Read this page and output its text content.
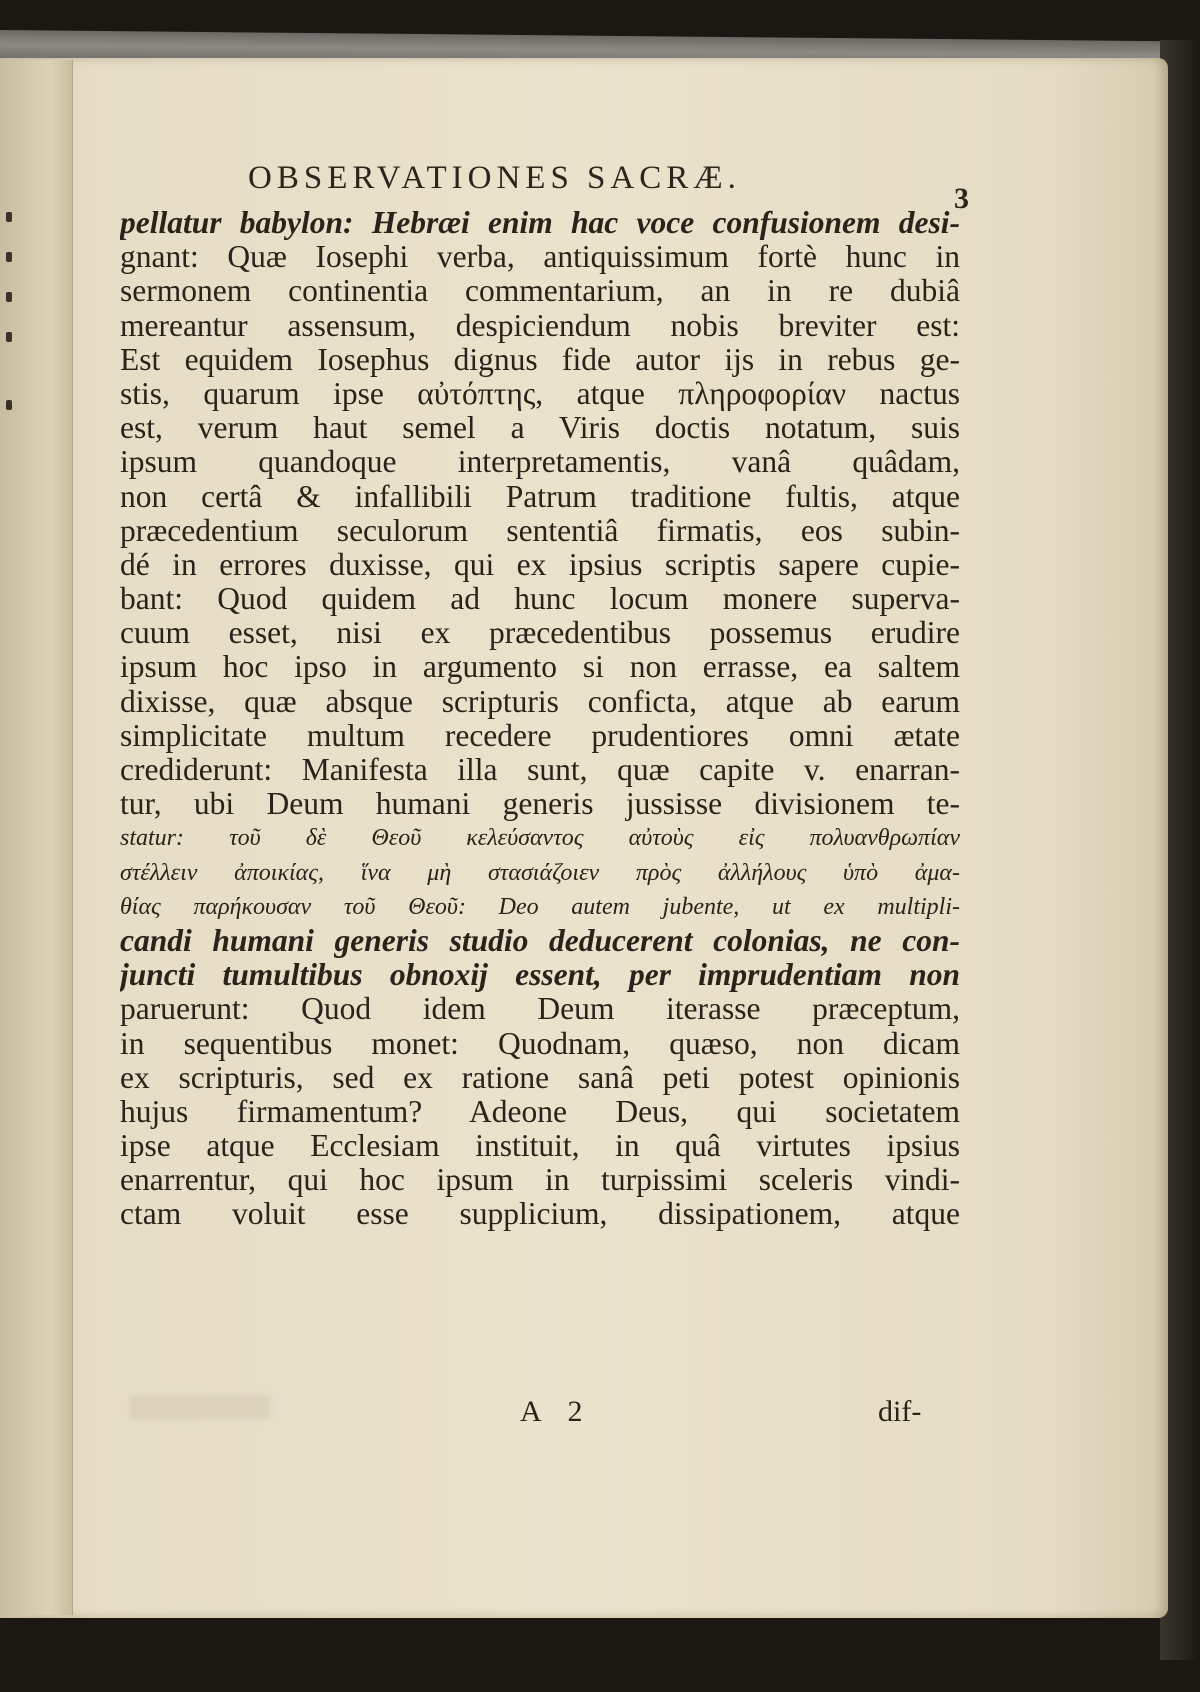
OBSERVATIONES SACRÆ.
3
pellatur babylon: Hebræi enim hac voce confusionem desi-
gnant: Quæ Iosephi verba, antiquissimum fortè hunc in
sermonem continentia commentarium, an in re dubiâ
mereantur assensum, despiciendum nobis breviter est:
Est equidem Iosephus dignus fide autor ijs in rebus ge-
stis, quarum ipse αὐτόπτης, atque πληροφορίαν nactus
est, verum haut semel a Viris doctis notatum, suis
ipsum quandoque interpretamentis, vanâ quâdam,
non certâ & infallibili Patrum traditione fultis, atque
præcedentium seculorum sententiâ firmatis, eos subin-
dé in errores duxisse, qui ex ipsius scriptis sapere cupie-
bant: Quod quidem ad hunc locum monere superva-
cuum esset, nisi ex præcedentibus possemus erudire
ipsum hoc ipso in argumento si non errasse, ea saltem
dixisse, quæ absque scripturis conficta, atque ab earum
simplicitate multum recedere prudentiores omni ætate
crediderunt: Manifesta illa sunt, quæ capite v. enarran-
tur, ubi Deum humani generis jussisse divisionem te-
statur: τοῦ δὲ Θεοῦ κελεύσαντος αὐτοὺς εἰς πολυανθρωπίαν
στέλλειν ἀποικίας, ἵνα μὴ στασιάζοιεν πρὸς ἀλλήλους ὑπὸ ἀμα-
θίας παρήκουσαν τοῦ Θεοῦ: Deo autem jubente, ut ex multipli-
candi humani generis studio deducerent colonias, ne con-
juncti tumultibus obnoxij essent, per imprudentiam non
paruerunt: Quod idem Deum iterasse præceptum,
in sequentibus monet: Quodnam, quæso, non dicam
ex scripturis, sed ex ratione sanâ peti potest opinionis
hujus firmamentum? Adeone Deus, qui societatem
ipse atque Ecclesiam instituit, in quâ virtutes ipsius
enarrentur, qui hoc ipsum in turpissimi sceleris vindi-
ctam voluit esse supplicium, dissipationem, atque
A 2	dif-
